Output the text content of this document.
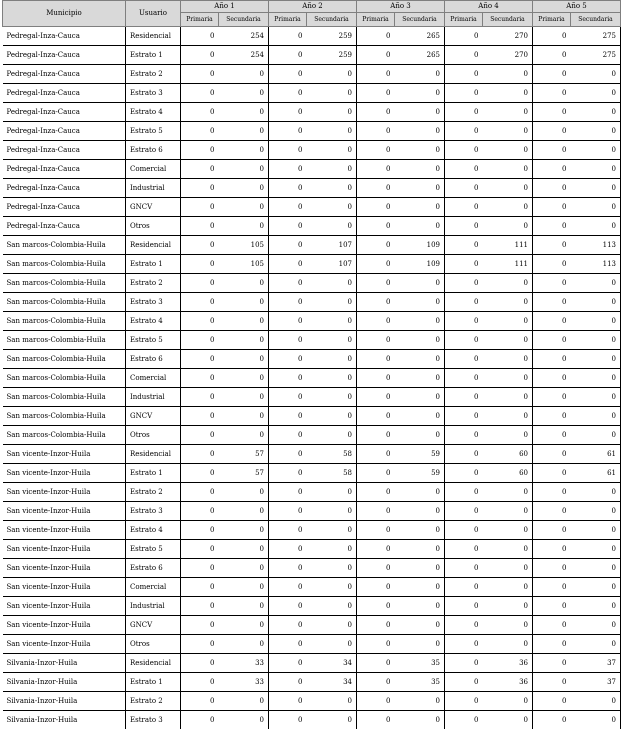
Municipio	Usuario	Año 1		Año 2		Año 3		Año 4		Año 5	
		Primaria	Secundaria	Primaria	Secundaria	Primaria	Secundaria	Primaria	Secundaria	Primaria	Secundaria
Pedregal-Inza-Cauca	Residencial	0	254	0	259	0	265	0	270	0	275
Pedregal-Inza-Cauca	Estrato 1	0	254	0	259	0	265	0	270	0	275
Pedregal-Inza-Cauca	Estrato 2	0	0	0	0	0	0	0	0	0	0
Pedregal-Inza-Cauca	Estrato 3	0	0	0	0	0	0	0	0	0	0
Pedregal-Inza-Cauca	Estrato 4	0	0	0	0	0	0	0	0	0	0
Pedregal-Inza-Cauca	Estrato 5	0	0	0	0	0	0	0	0	0	0
Pedregal-Inza-Cauca	Estrato 6	0	0	0	0	0	0	0	0	0	0
Pedregal-Inza-Cauca	Comercial	0	0	0	0	0	0	0	0	0	0
Pedregal-Inza-Cauca	Industrial	0	0	0	0	0	0	0	0	0	0
Pedregal-Inza-Cauca	GNCV	0	0	0	0	0	0	0	0	0	0
Pedregal-Inza-Cauca	Otros	0	0	0	0	0	0	0	0	0	0
San marcos-Colombia-Huila	Residencial	0	105	0	107	0	109	0	111	0	113
San marcos-Colombia-Huila	Estrato 1	0	105	0	107	0	109	0	111	0	113
San marcos-Colombia-Huila	Estrato 2	0	0	0	0	0	0	0	0	0	0
San marcos-Colombia-Huila	Estrato 3	0	0	0	0	0	0	0	0	0	0
San marcos-Colombia-Huila	Estrato 4	0	0	0	0	0	0	0	0	0	0
San marcos-Colombia-Huila	Estrato 5	0	0	0	0	0	0	0	0	0	0
San marcos-Colombia-Huila	Estrato 6	0	0	0	0	0	0	0	0	0	0
San marcos-Colombia-Huila	Comercial	0	0	0	0	0	0	0	0	0	0
San marcos-Colombia-Huila	Industrial	0	0	0	0	0	0	0	0	0	0
San marcos-Colombia-Huila	GNCV	0	0	0	0	0	0	0	0	0	0
San marcos-Colombia-Huila	Otros	0	0	0	0	0	0	0	0	0	0
San vicente-Inzor-Huila	Residencial	0	57	0	58	0	59	0	60	0	61
San vicente-Inzor-Huila	Estrato 1	0	57	0	58	0	59	0	60	0	61
San vicente-Inzor-Huila	Estrato 2	0	0	0	0	0	0	0	0	0	0
San vicente-Inzor-Huila	Estrato 3	0	0	0	0	0	0	0	0	0	0
San vicente-Inzor-Huila	Estrato 4	0	0	0	0	0	0	0	0	0	0
San vicente-Inzor-Huila	Estrato 5	0	0	0	0	0	0	0	0	0	0
San vicente-Inzor-Huila	Estrato 6	0	0	0	0	0	0	0	0	0	0
San vicente-Inzor-Huila	Comercial	0	0	0	0	0	0	0	0	0	0
San vicente-Inzor-Huila	Industrial	0	0	0	0	0	0	0	0	0	0
San vicente-Inzor-Huila	GNCV	0	0	0	0	0	0	0	0	0	0
San vicente-Inzor-Huila	Otros	0	0	0	0	0	0	0	0	0	0
Silvania-Inzor-Huila	Residencial	0	33	0	34	0	35	0	36	0	37
Silvania-Inzor-Huila	Estrato 1	0	33	0	34	0	35	0	36	0	37
Silvania-Inzor-Huila	Estrato 2	0	0	0	0	0	0	0	0	0	0
Silvania-Inzor-Huila	Estrato 3	0	0	0	0	0	0	0	0	0	0
